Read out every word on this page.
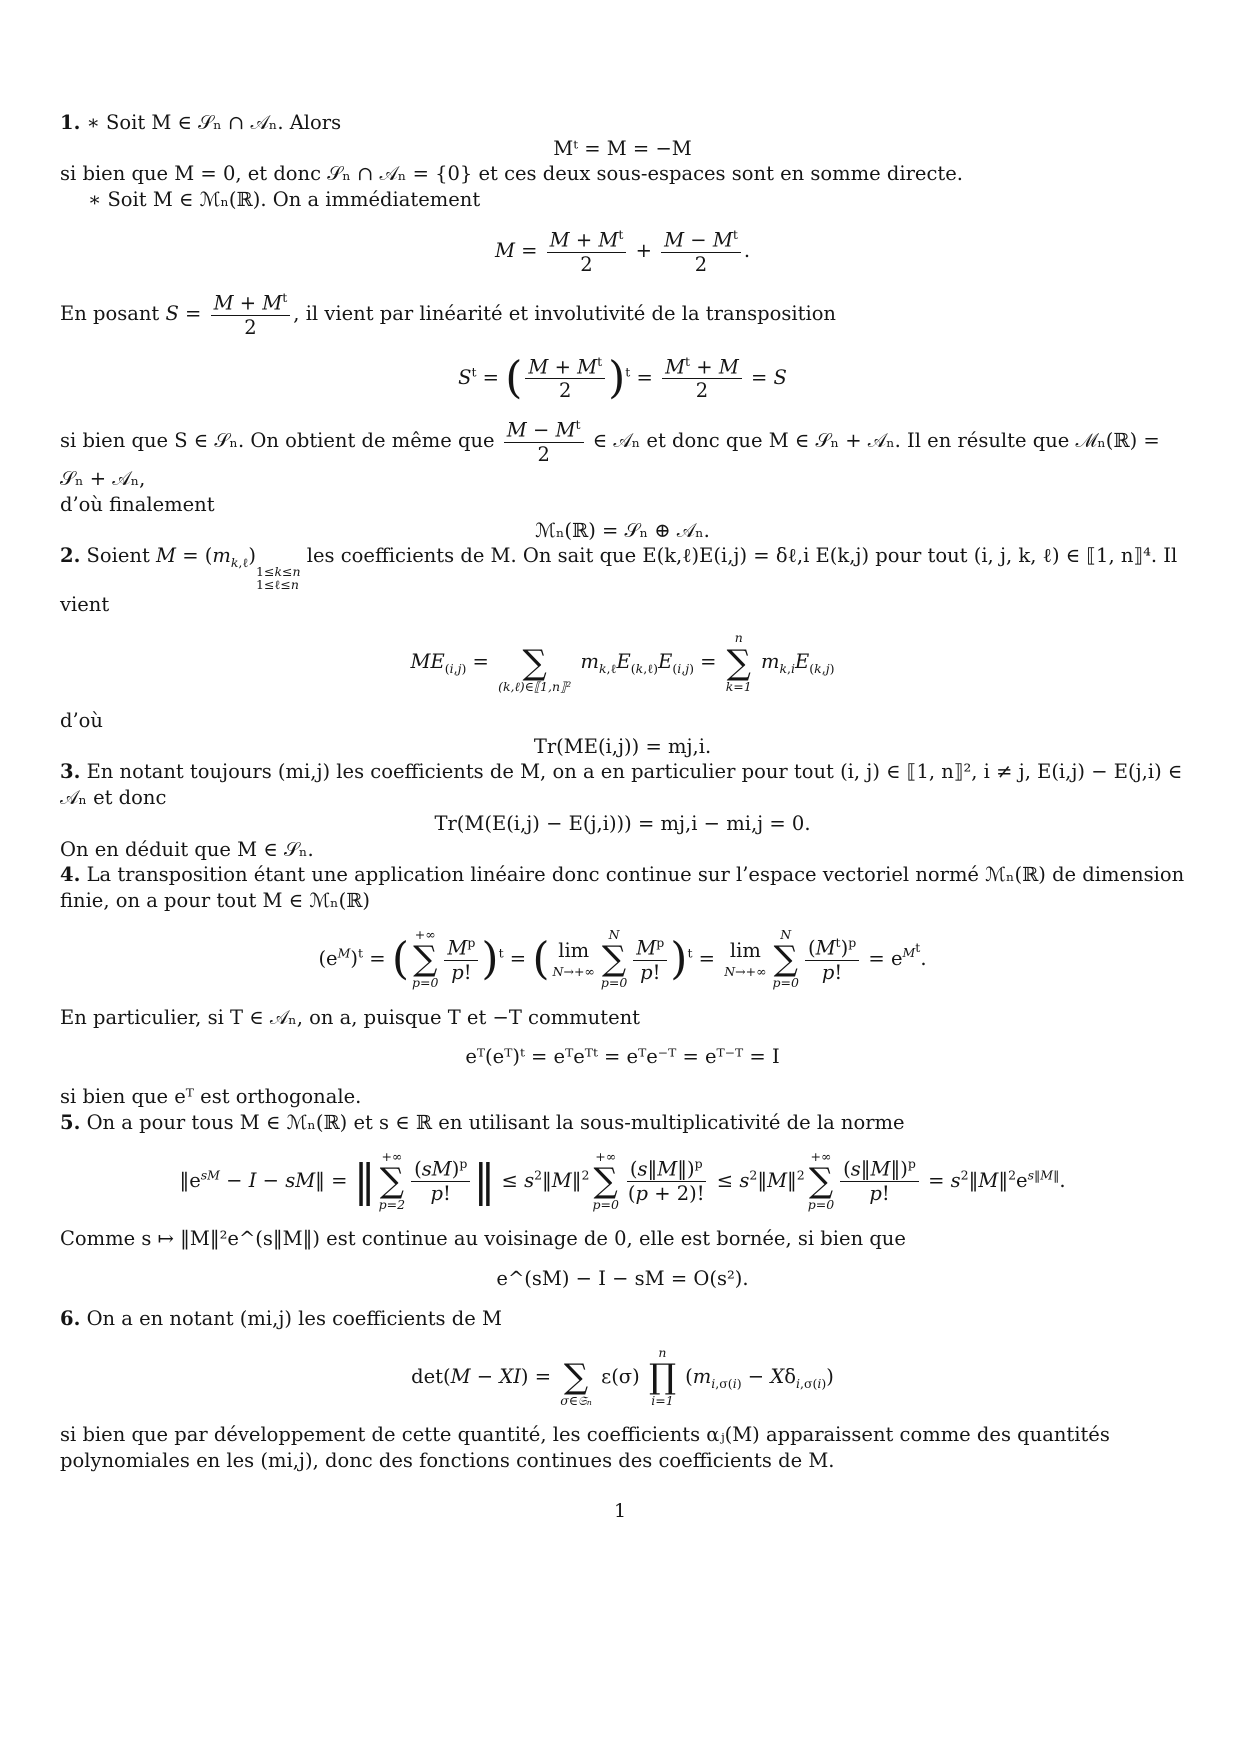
1. ∗ Soit M ∈ 𝒮ₙ ∩ 𝒜ₙ. Alors

Mᵗ = M = −M

si bien que M = 0, et donc 𝒮ₙ ∩ 𝒜ₙ = {0} et ces deux sous-espaces sont en somme directe.

∗ Soit M ∈ ℳₙ(ℝ). On a immédiatement

$M = \frac{M + M^t}{2} + \frac{M - M^t}{2}$ .

En posant $S = \frac{M + M^t}{2}$ , il vient par linéarité et involutivité de la transposition

$S^t$ = ( $\frac{M + M^t}{2} )^t = \frac{M^t + M}{2} = S$

si bien que S ∈ 𝒮ₙ. On obtient de même que $\frac{M - M^t}{2}$ ∈ 𝒜ₙ et donc que M ∈ 𝒮ₙ + 𝒜ₙ. Il en résulte que ℳₙ(ℝ) = 𝒮ₙ + 𝒜ₙ,

d’où finalement

ℳₙ(ℝ) = 𝒮ₙ ⊕ 𝒜ₙ.

2. Soient $M = (m_{k,\ell})$
1≤k≤n
1≤ℓ≤n
les coefficients de M. On sait que E(k,ℓ)E(i,j) = δℓ,i E(k,j) pour tout (i, j, k, ℓ) ∈ ⟦1, n⟧⁴. Il vient

$ME_{(i,j)}$ =
∑
(k,ℓ)∈⟦1,n⟧²
$m_{k,\ell}E_{(k,\ell)}E_{(i,j)}$ =
n
∑
k=1
$m_{k,i}E_{(k,j)}$

d’où

Tr(ME(i,j)) = mj,i.

3. En notant toujours (mi,j) les coefficients de M, on a en particulier pour tout (i, j) ∈ ⟦1, n⟧², i ≠ j, E(i,j) − E(j,i) ∈ 𝒜ₙ et donc

Tr(M(E(i,j) − E(j,i))) = mj,i − mi,j = 0.

On en déduit que M ∈ 𝒮ₙ.

4. La transposition étant une application linéaire donc continue sur l’espace vectoriel normé ℳₙ(ℝ) de dimension finie, on a pour tout M ∈ ℳₙ(ℝ)

$(e^M)^t$ = ( +∞
∑
$p=0 \frac{M^p}{p!} )^t$ = ( lim
N→+∞
N
∑
$p=0 \frac{M^p}{p!} )^t = \lim$
N→+∞
N
∑
$p=0 \frac{(M^t)^p}{p!} = e^{M^t}$.

En particulier, si T ∈ 𝒜ₙ, on a, puisque T et −T commutent

eᵀ(eᵀ)ᵗ = eᵀeᵀᵗ = eᵀe⁻ᵀ = eᵀ⁻ᵀ = I

si bien que eᵀ est orthogonale.

5. On a pour tous M ∈ ℳₙ(ℝ) et s ∈ ℝ en utilisant la sous-multiplicativité de la norme

$‖e^{sM} - I$ − sM‖ = ‖ +∞
∑
$p=2 \frac{(sM)^p}{p!}$ ‖ ≤ $s^2‖M‖^2$
+∞
∑
$p=0 \frac{(s‖M‖)^p}{(p + 2)!}$ ≤ $s^2‖M‖^2$
+∞
∑
$p=0 \frac{(s‖M‖)^p}{p!}$ = $s^2‖M‖^2e^{s‖M‖}$.

Comme s ↦ ‖M‖²e^(s‖M‖) est continue au voisinage de 0, elle est bornée, si bien que

e^(sM) − I − sM = O(s²).

6. On a en notant (mi,j) les coefficients de M

det(M − XI) =
∑
σ∈𝔖ₙ
ε(σ)
n
∏
i=1
$(m_{i,\sigma(i)} - X\delta_{i,\sigma(i)})$

si bien que par développement de cette quantité, les coefficients αⱼ(M) apparaissent comme des quantités polynomiales en les (mi,j), donc des fonctions continues des coefficients de M.

1
